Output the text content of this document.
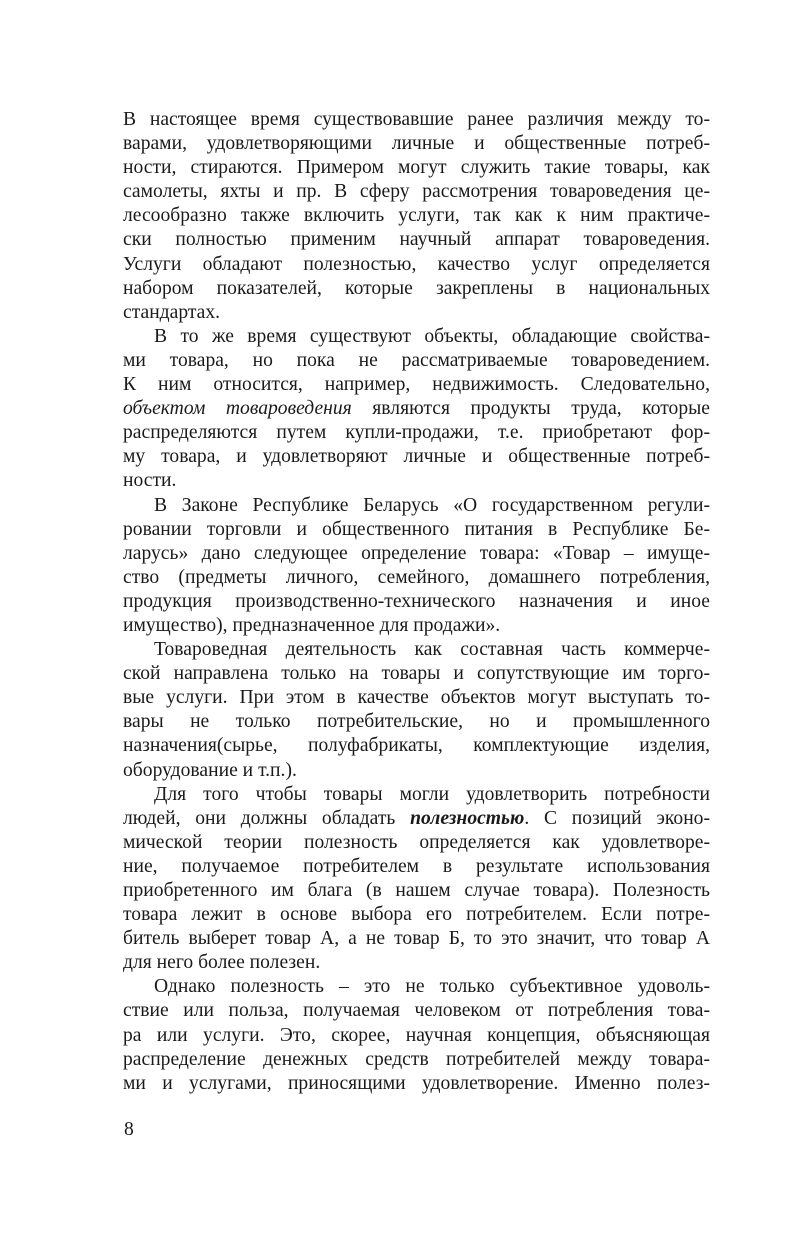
В настоящее время существовавшие ранее различия между то-
варами, удовлетворяющими личные и общественные потреб-
ности, стираются. Примером могут служить такие товары, как
самолеты, яхты и пр. В сферу рассмотрения товароведения це-
лесообразно также включить услуги, так как к ним практиче-
ски полностью применим научный аппарат товароведения.
Услуги обладают полезностью, качество услуг определяется
набором показателей, которые закреплены в национальных
стандартах.

В то же время существуют объекты, обладающие свойства-
ми товара, но пока не рассматриваемые товароведением.
К ним относится, например, недвижимость. Следовательно,
объектом товароведения являются продукты труда, которые
распределяются путем купли-продажи, т.е. приобретают фор-
му товара, и удовлетворяют личные и общественные потреб-
ности.

В Законе Республике Беларусь «О государственном регули-
ровании торговли и общественного питания в Республике Бе-
ларусь» дано следующее определение товара: «Товар – имуще-
ство (предметы личного, семейного, домашнего потребления,
продукция производственно-технического назначения и иное
имущество), предназначенное для продажи».

Товароведная деятельность как составная часть коммерче-
ской направлена только на товары и сопутствующие им торго-
вые услуги. При этом в качестве объектов могут выступать то-
вары не только потребительские, но и промышленного
назначения(сырье, полуфабрикаты, комплектующие изделия,
оборудование и т.п.).

Для того чтобы товары могли удовлетворить потребности
людей, они должны обладать полезностью. С позиций эконо-
мической теории полезность определяется как удовлетворе-
ние, получаемое потребителем в результате использования
приобретенного им блага (в нашем случае товара). Полезность
товара лежит в основе выбора его потребителем. Если потре-
битель выберет товар А, а не товар Б, то это значит, что товар А
для него более полезен.

Однако полезность – это не только субъективное удоволь-
ствие или польза, получаемая человеком от потребления това-
ра или услуги. Это, скорее, научная концепция, объясняющая
распределение денежных средств потребителей между товара-
ми и услугами, приносящими удовлетворение. Именно полез-

8
